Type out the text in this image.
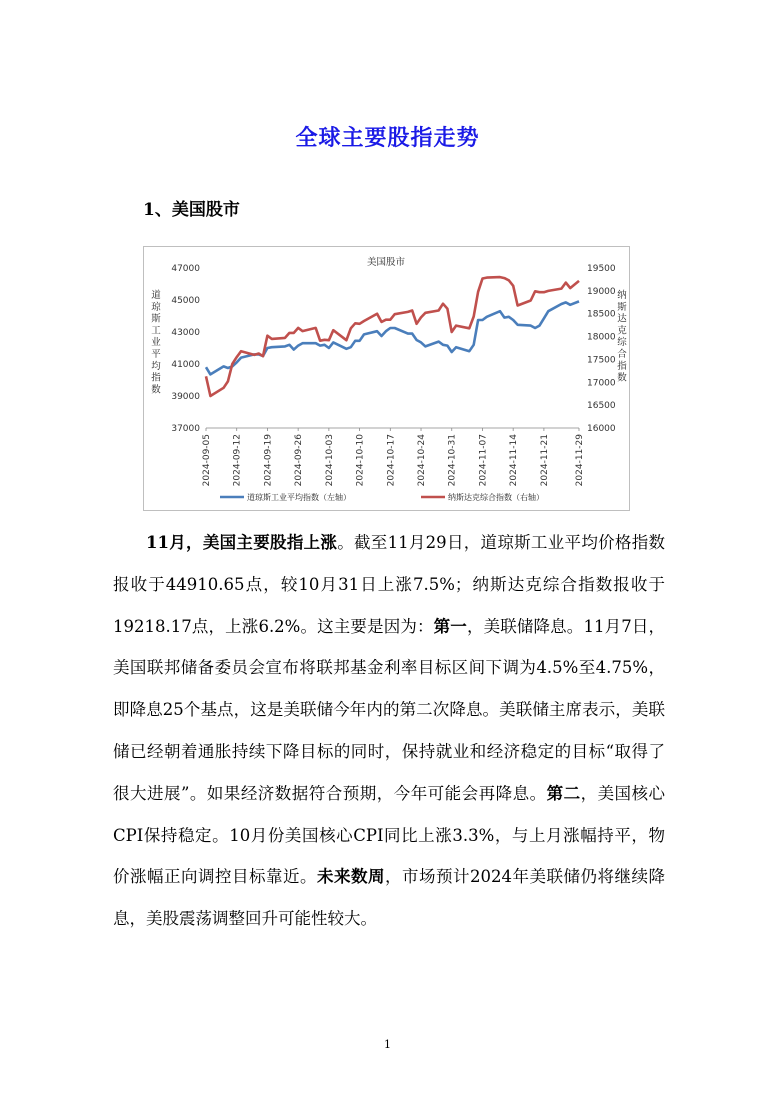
全球主要股指走势
1、美国股市
美国股市
道
琼
斯
工
业
平
均
指
数
纳
斯
达
克
综
合
指
数
47000
45000
43000
41000
39000
37000
19500
19000
18500
18000
17500
17000
16500
16000
2024-09-05 2024-09-12 2024-09-19 2024-09-26 2024-10-03 2024-10-10 2024-10-17 2024-10-24 2024-10-31 2024-11-07 2024-11-14 2024-11-21	2024-11-29
道琼斯工业平均指数（左轴）	纳斯达克综合指数（右轴）

11月，美国主要股指上涨。截至11月29日，道琼斯工业平均价格指数报收于44910.65点，较10月31日上涨7.5%；纳斯达克综合指数报收于19218.17点，上涨6.2%。这主要是因为：第一，美联储降息。11月7日，美国联邦储备委员会宣布将联邦基金利率目标区间下调为4.5%至4.75%，即降息25个基点，这是美联储今年内的第二次降息。美联储主席表示，美联储已经朝着通胀持续下降目标的同时，保持就业和经济稳定的目标“取得了很大进展”。如果经济数据符合预期，今年可能会再降息。第二，美国核心CPI保持稳定。10月份美国核心CPI同比上涨3.3%，与上月涨幅持平，物价涨幅正向调控目标靠近。未来数周，市场预计2024年美联储仍将继续降息，美股震荡调整回升可能性较大。

1
